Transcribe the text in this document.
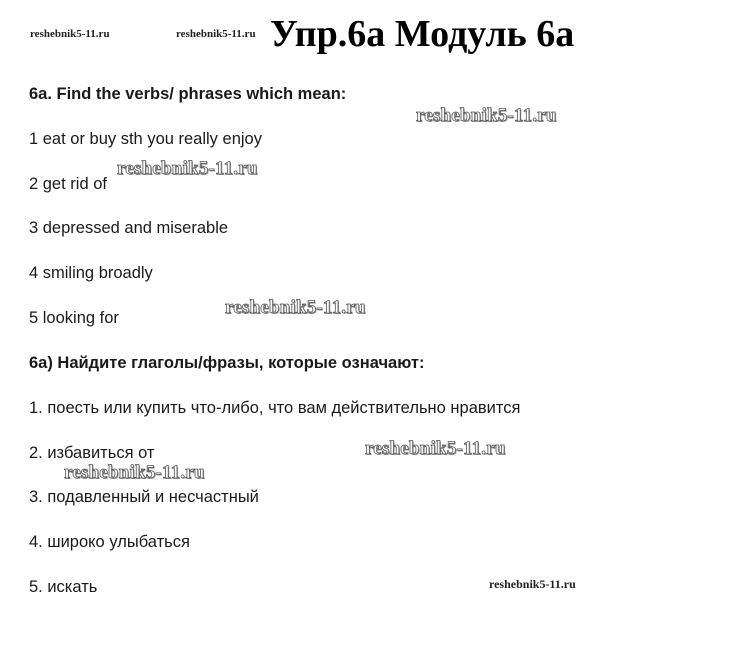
reshebnik5-11.ru	reshebnik5-11.ru Упр.6а Модуль 6а
6a. Find the verbs/ phrases which mean:
1 eat or buy sth you really enjoy
2 get rid of
3 depressed and miserable
4 smiling broadly
5 looking for
6а) Найдите глаголы/фразы, которые означают:
1. поесть или купить что-либо, что вам действительно нравится
2. избавиться от
3. подавленный и несчастный
4. широко улыбаться
5. искать
reshebnik5-11.ru
reshebnik5-11.ru
reshebnik5-11.ru
reshebnik5-11.ru
reshebnik5-11.ru
reshebnik5-11.ru
